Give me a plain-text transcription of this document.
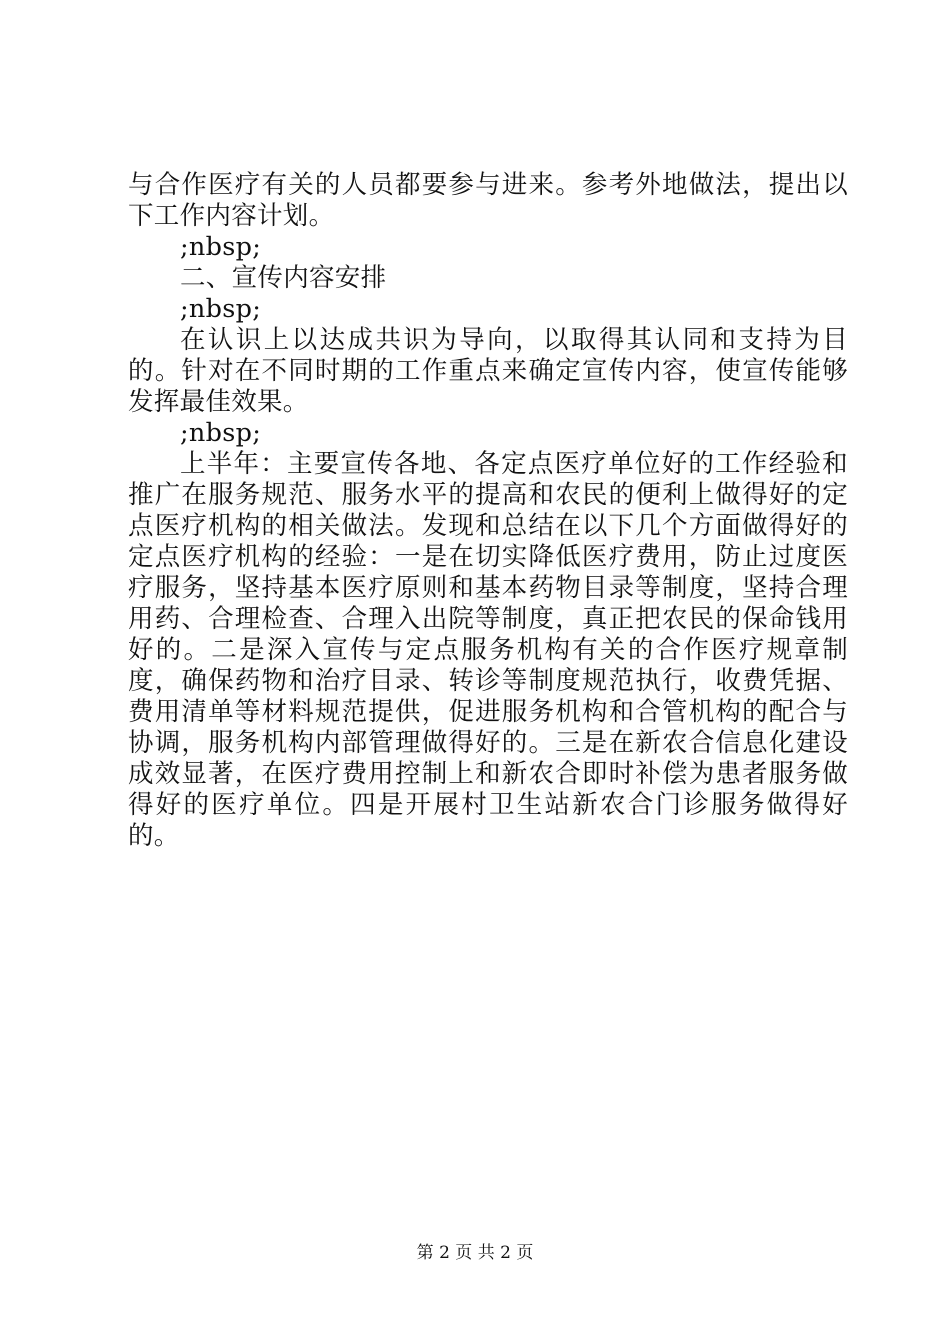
与合作医疗有关的人员都要参与进来。参考外地做法，提出以下工作内容计划。

;nbsp;

二、宣传内容安排

;nbsp;

在认识上以达成共识为导向，以取得其认同和支持为目的。针对在不同时期的工作重点来确定宣传内容，使宣传能够发挥最佳效果。

;nbsp;

上半年：主要宣传各地、各定点医疗单位好的工作经验和推广在服务规范、服务水平的提高和农民的便利上做得好的定点医疗机构的相关做法。发现和总结在以下几个方面做得好的定点医疗机构的经验：一是在切实降低医疗费用，防止过度医疗服务，坚持基本医疗原则和基本药物目录等制度，坚持合理用药、合理检查、合理入出院等制度，真正把农民的保命钱用好的。二是深入宣传与定点服务机构有关的合作医疗规章制度，确保药物和治疗目录、转诊等制度规范执行，收费凭据、费用清单等材料规范提供，促进服务机构和合管机构的配合与协调，服务机构内部管理做得好的。三是在新农合信息化建设成效显著，在医疗费用控制上和新农合即时补偿为患者服务做得好的医疗单位。四是开展村卫生站新农合门诊服务做得好的。

第 2 页 共 2 页
